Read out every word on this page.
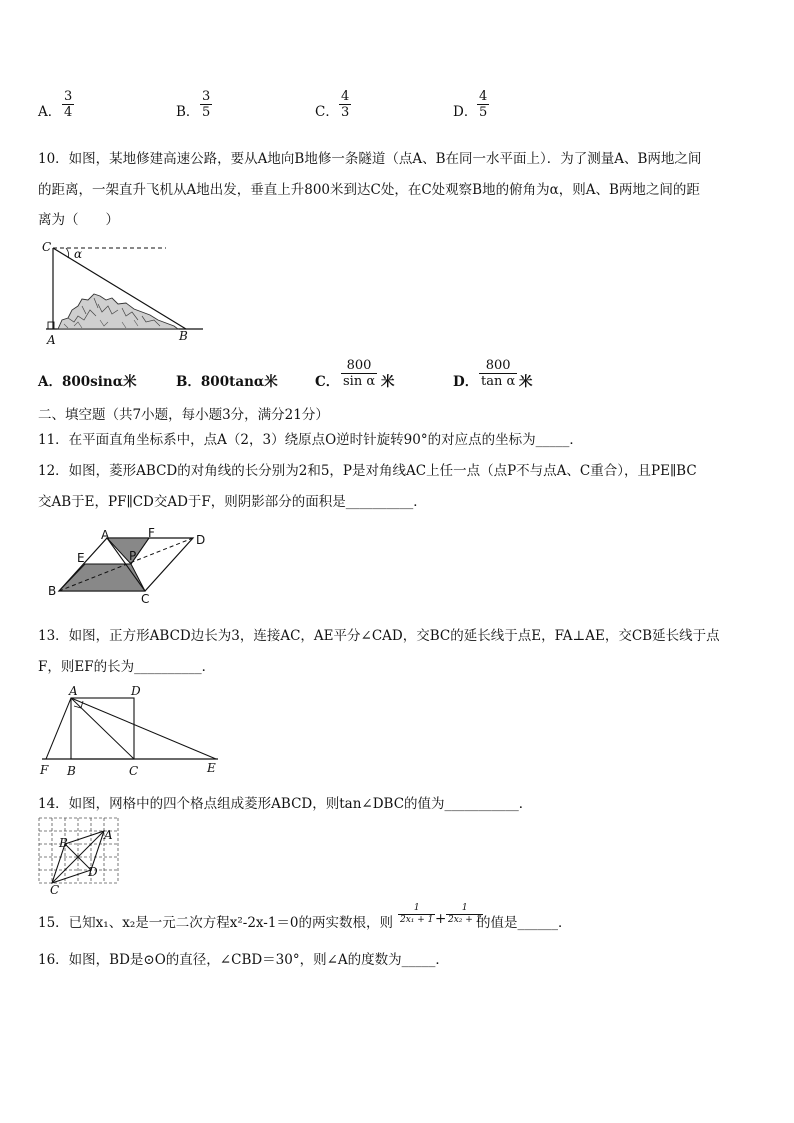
A．
3
4	B．
3
5	C．
4
3	D．
4
5
10．如图，某地修建高速公路，要从A地向B地修一条隧道（点A、B在同一水平面上）．为了测量A、B两地之间
的距离，一架直升飞机从A地出发，垂直上升800米到达C处，在C处观察B地的俯角为α，则A、B两地之间的距
离为（　　）
C α
A	B
A．800sinα米	B．800tanα米	C．
800
sin α 米	D．
800
tan α 米
二、填空题（共7小题，每小题3分，满分21分）
11．在平面直角坐标系中，点A（2，3）绕原点O逆时针旋转90°的对应点的坐标为_____．
12．如图，菱形ABCD的对角线的长分别为2和5，P是对角线AC上任一点（点P不与点A、C重合），且PE∥BC
交AB于E，PF∥CD交AD于F，则阴影部分的面积是__________．
A	F	D
E	P
B
C
13．如图，正方形ABCD边长为3，连接AC，AE平分∠CAD，交BC的延长线于点E，FA⊥AE，交CB延长线于点
F，则EF的长为__________．
A	D
F B	C	E
14．如图，网格中的四个格点组成菱形ABCD，则tan∠DBC的值为___________．
B
A
D
C
15．已知x₁、x₂是一元二次方程x²-2x-1＝0的两实数根，则
1
2x₁ + 1 +
1
2x₂ + 1
的值是______．
16．如图，BD是⊙O的直径，∠CBD＝30°，则∠A的度数为_____．
